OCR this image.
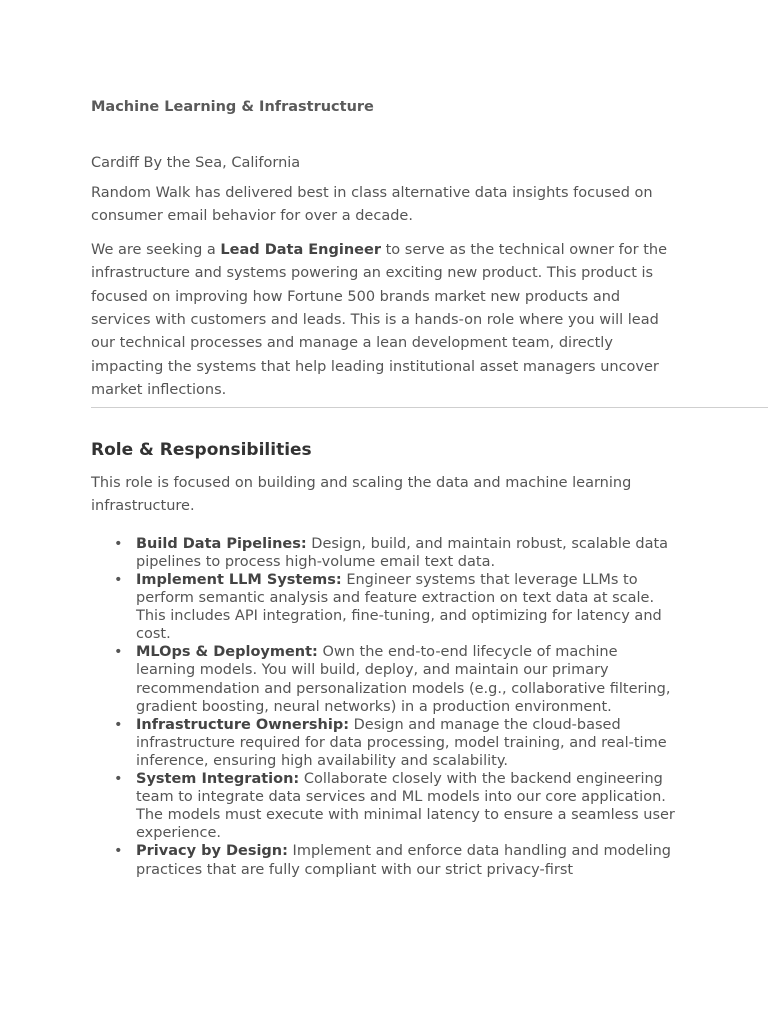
Machine Learning & Infrastructure

Cardiff By the Sea, California

Random Walk has delivered best in class alternative data insights focused on consumer email behavior for over a decade.

We are seeking a Lead Data Engineer to serve as the technical owner for the infrastructure and systems powering an exciting new product. This product is focused on improving how Fortune 500 brands market new products and services with customers and leads. This is a hands-on role where you will lead our technical processes and manage a lean development team, directly impacting the systems that help leading institutional asset managers uncover market inflections.

Role & Responsibilities

This role is focused on building and scaling the data and machine learning infrastructure.

• Build Data Pipelines: Design, build, and maintain robust, scalable data pipelines to process high-volume email text data.
• Implement LLM Systems: Engineer systems that leverage LLMs to perform semantic analysis and feature extraction on text data at scale. This includes API integration, fine-tuning, and optimizing for latency and cost.
• MLOps & Deployment: Own the end-to-end lifecycle of machine learning models. You will build, deploy, and maintain our primary recommendation and personalization models (e.g., collaborative filtering, gradient boosting, neural networks) in a production environment.
• Infrastructure Ownership: Design and manage the cloud-based infrastructure required for data processing, model training, and real-time inference, ensuring high availability and scalability.
• System Integration: Collaborate closely with the backend engineering team to integrate data services and ML models into our core application. The models must execute with minimal latency to ensure a seamless user experience.
• Privacy by Design: Implement and enforce data handling and modeling practices that are fully compliant with our strict privacy-first
